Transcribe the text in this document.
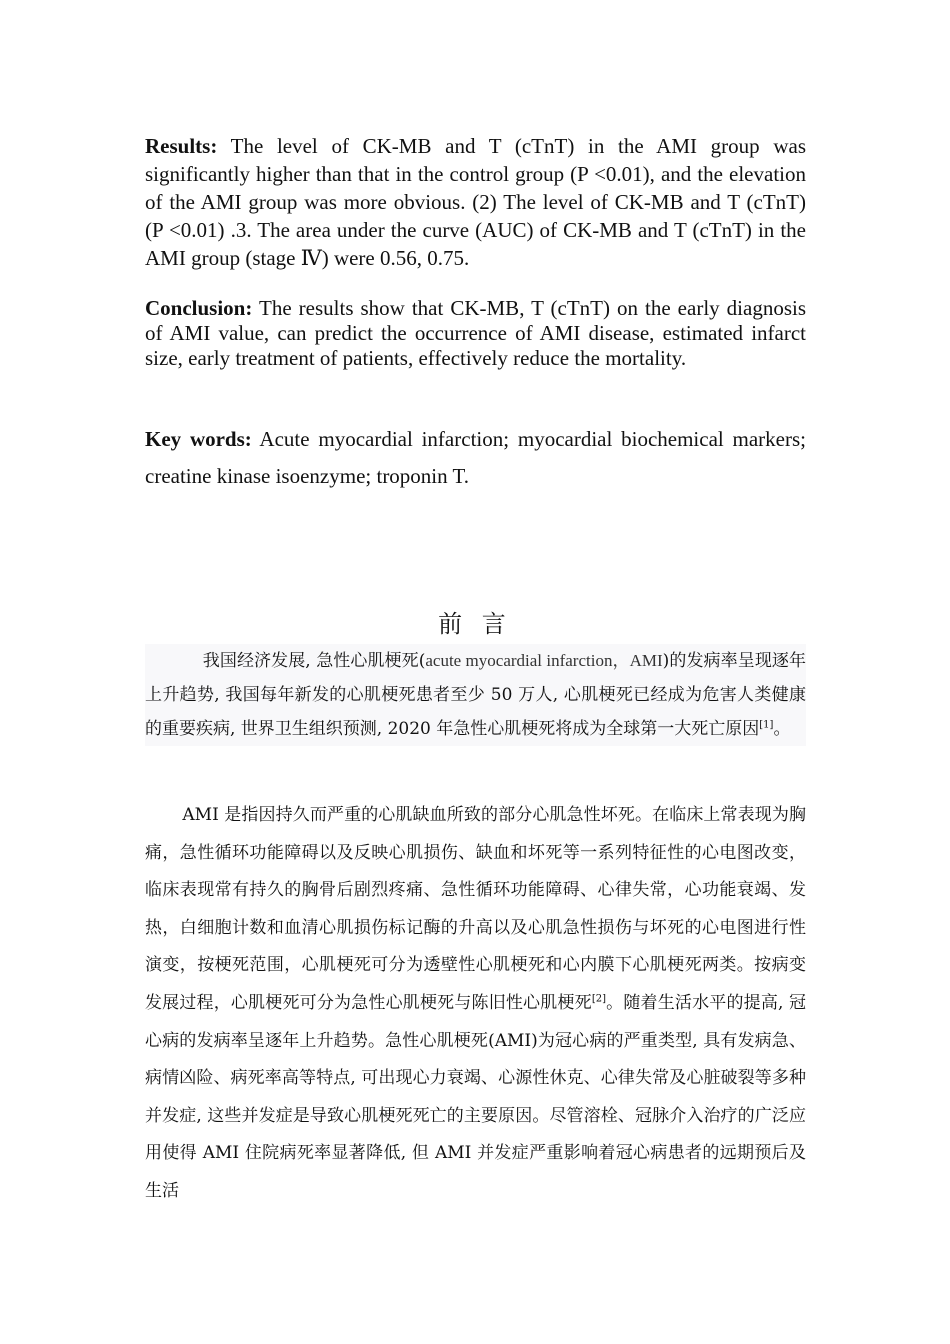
Results: The level of CK-MB and T (cTnT) in the AMI group was significantly higher than that in the control group (P <0.01), and the elevation of the AMI group was more obvious. (2) The level of CK-MB and T (cTnT) (P <0.01) .3. The area under the curve (AUC) of CK-MB and T (cTnT) in the AMI group (stage Ⅳ) were 0.56, 0.75.

Conclusion: The results show that CK-MB, T (cTnT) on the early diagnosis of AMI value, can predict the occurrence of AMI disease, estimated infarct size, early treatment of patients, effectively reduce the mortality.

Key words: Acute myocardial infarction; myocardial biochemical markers; creatine kinase isoenzyme; troponin T.

前 言

我国经济发展, 急性心肌梗死(acute myocardial infarction，AMI)的发病率呈现逐年上升趋势, 我国每年新发的心肌梗死患者至少 50 万人, 心肌梗死已经成为危害人类健康的重要疾病, 世界卫生组织预测, 2020 年急性心肌梗死将成为全球第一大死亡原因[1]。

AMI 是指因持久而严重的心肌缺血所致的部分心肌急性坏死。在临床上常表现为胸痛，急性循环功能障碍以及反映心肌损伤、缺血和坏死等一系列特征性的心电图改变，临床表现常有持久的胸骨后剧烈疼痛、急性循环功能障碍、心律失常，心功能衰竭、发热，白细胞计数和血清心肌损伤标记酶的升高以及心肌急性损伤与坏死的心电图进行性演变，按梗死范围，心肌梗死可分为透壁性心肌梗死和心内膜下心肌梗死两类。按病变发展过程，心肌梗死可分为急性心肌梗死与陈旧性心肌梗死[2]。随着生活水平的提高, 冠心病的发病率呈逐年上升趋势。急性心肌梗死(AMI)为冠心病的严重类型, 具有发病急、病情凶险、病死率高等特点, 可出现心力衰竭、心源性休克、心律失常及心脏破裂等多种并发症, 这些并发症是导致心肌梗死死亡的主要原因。尽管溶栓、冠脉介入治疗的广泛应用使得 AMI 住院病死率显著降低, 但 AMI 并发症严重影响着冠心病患者的远期预后及生活
